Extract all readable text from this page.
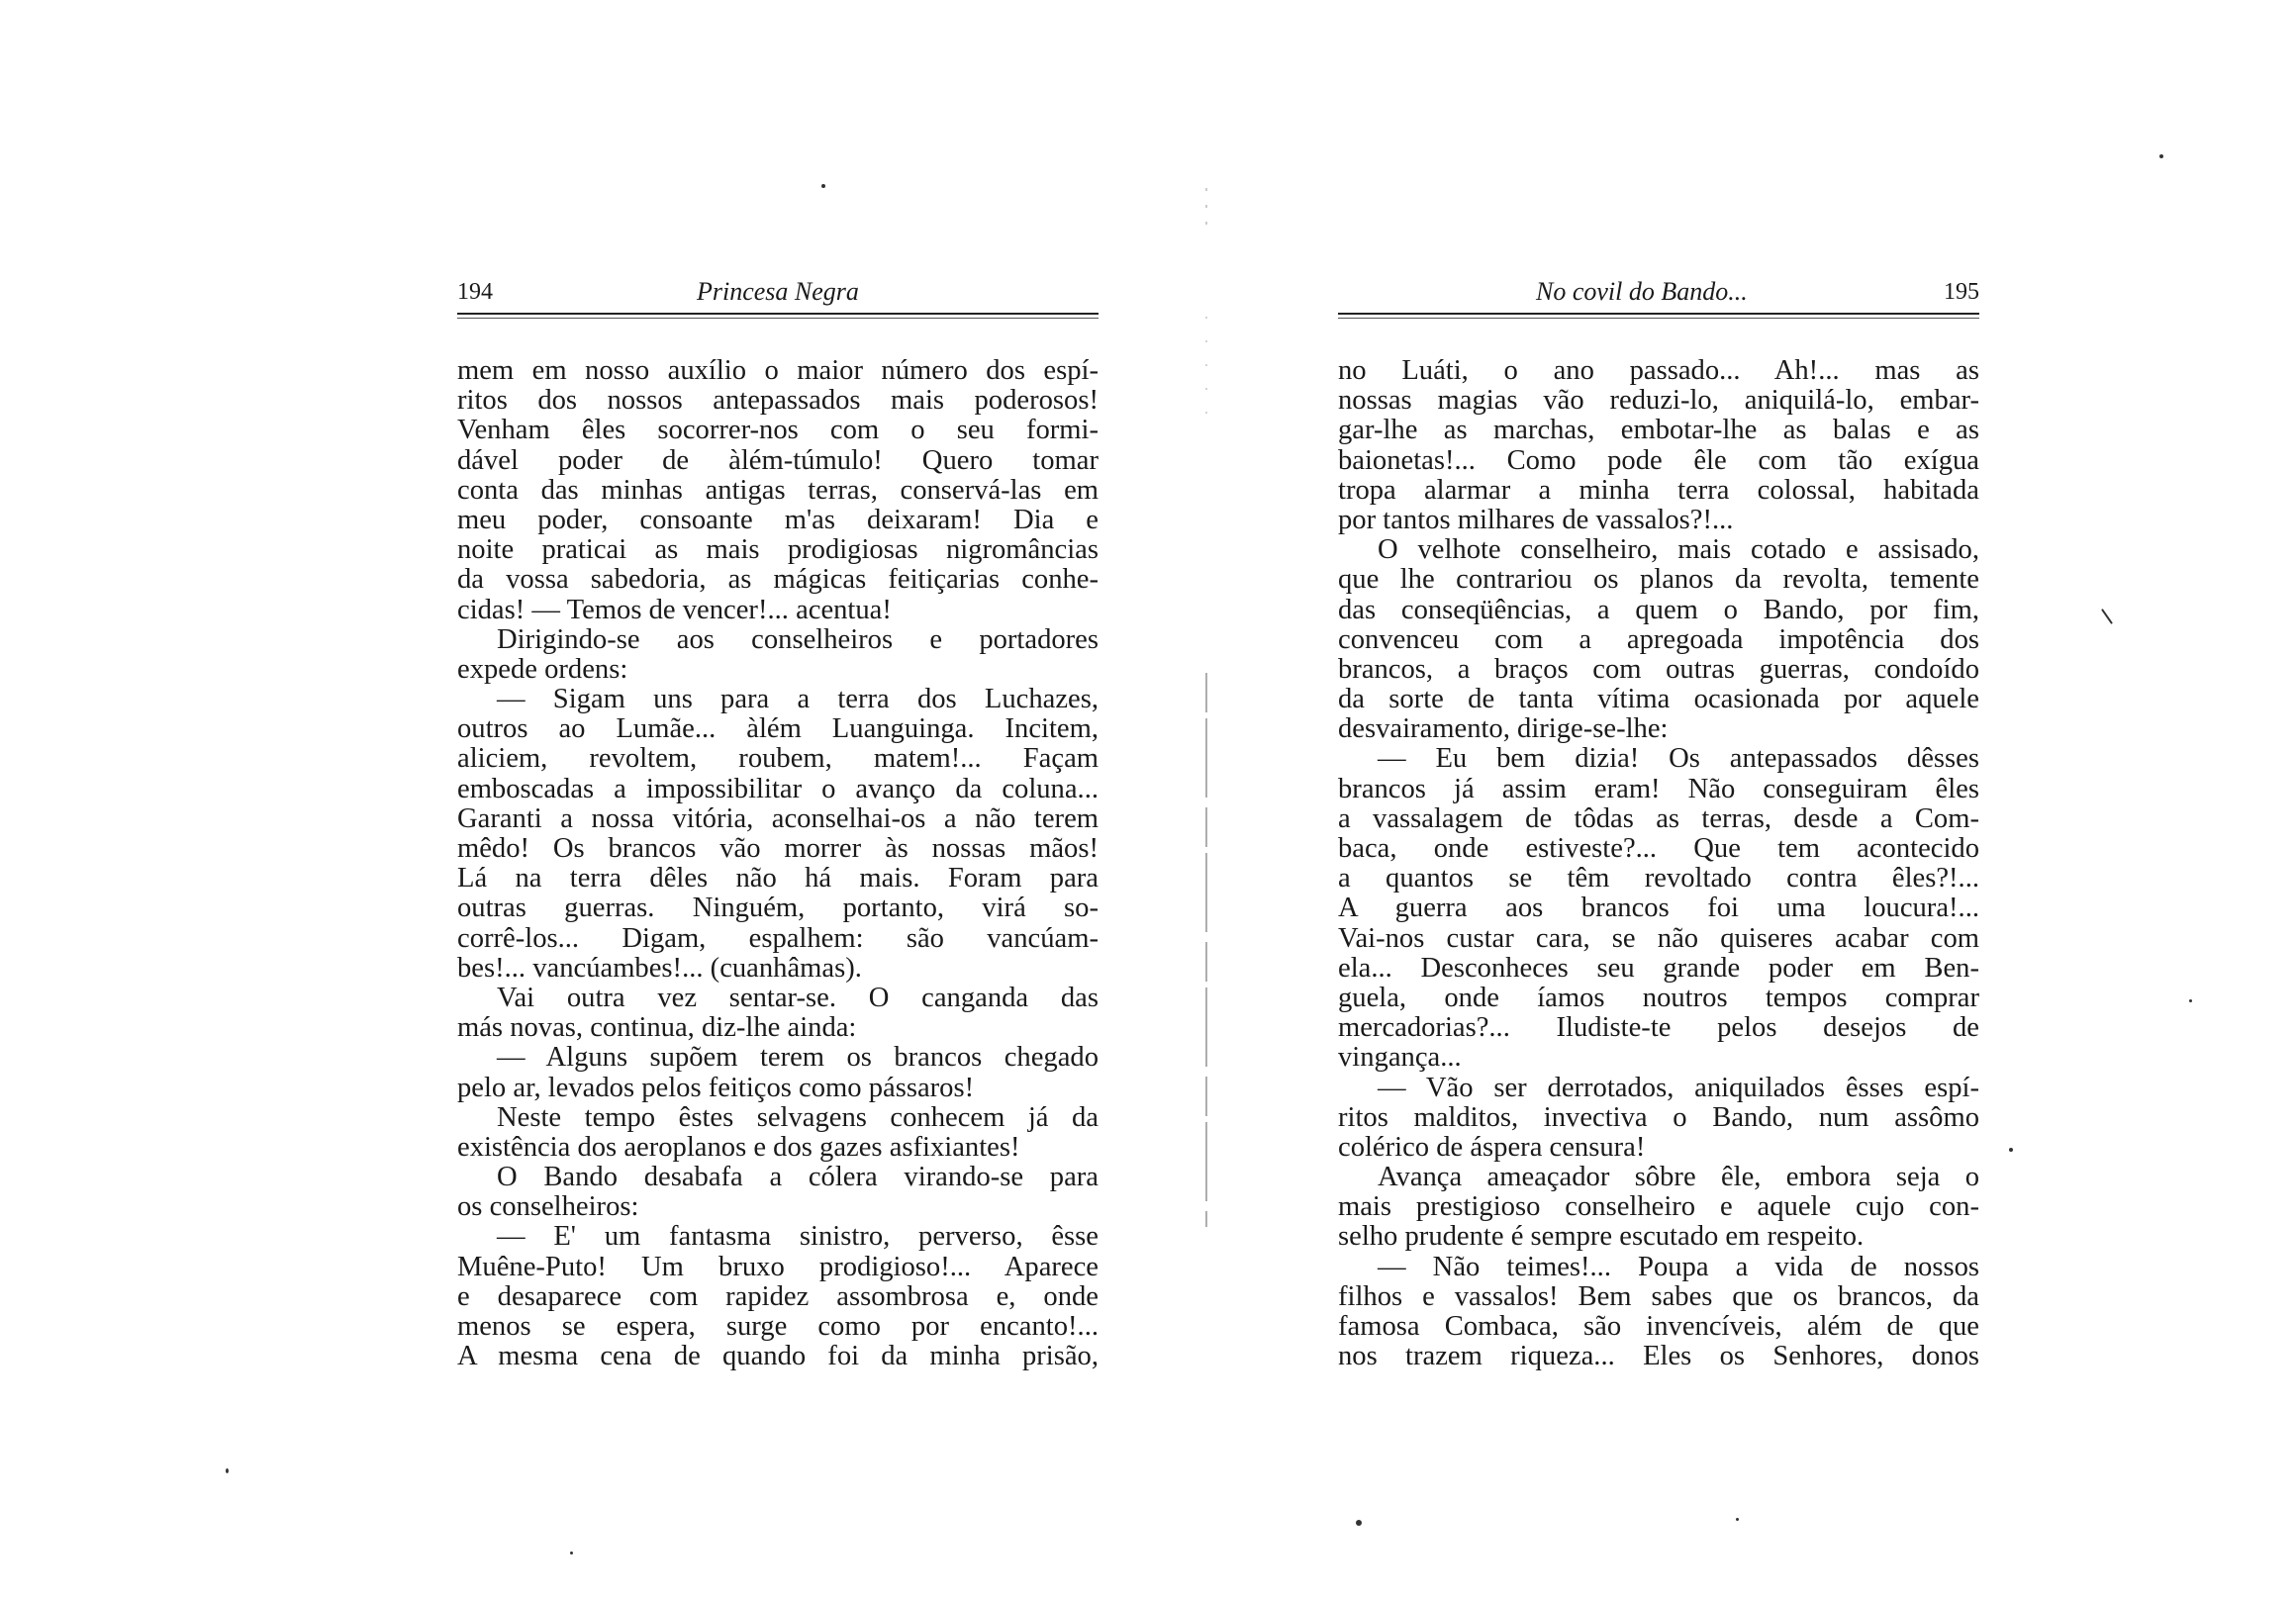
194	Princesa Negra
mem em nosso auxílio o maior número dos espí-
ritos dos nossos antepassados mais poderosos!
Venham êles socorrer-nos com o seu formi-
dável poder de àlém-túmulo! Quero tomar
conta das minhas antigas terras, conservá-las em
meu poder, consoante m'as deixaram! Dia e
noite praticai as mais prodigiosas nigromâncias
da vossa sabedoria, as mágicas feitiçarias conhe-
cidas! — Temos de vencer!... acentua!
Dirigindo-se aos conselheiros e portadores
expede ordens:
— Sigam uns para a terra dos Luchazes,
outros ao Lumãe... àlém Luanguinga. Incitem,
aliciem, revoltem, roubem, matem!... Façam
emboscadas a impossibilitar o avanço da coluna...
Garanti a nossa vitória, aconselhai-os a não terem
mêdo! Os brancos vão morrer às nossas mãos!
Lá na terra dêles não há mais. Foram para
outras guerras. Ninguém, portanto, virá so-
corrê-los... Digam, espalhem: são vancúam-
bes!... vancúambes!... (cuanhâmas).
Vai outra vez sentar-se. O canganda das
más novas, continua, diz-lhe ainda:
— Alguns supõem terem os brancos chegado
pelo ar, levados pelos feitiços como pássaros!
Neste tempo êstes selvagens conhecem já da
existência dos aeroplanos e dos gazes asfixiantes!
O Bando desabafa a cólera virando-se para
os conselheiros:
— E' um fantasma sinistro, perverso, êsse
Muêne-Puto! Um bruxo prodigioso!... Aparece
e desaparece com rapidez assombrosa e, onde
menos se espera, surge como por encanto!...
A mesma cena de quando foi da minha prisão,
No covil do Bando...	195
no Luáti, o ano passado... Ah!... mas as
nossas magias vão reduzi-lo, aniquilá-lo, embar-
gar-lhe as marchas, embotar-lhe as balas e as
baionetas!... Como pode êle com tão exígua
tropa alarmar a minha terra colossal, habitada
por tantos milhares de vassalos?!...
O velhote conselheiro, mais cotado e assisado,
que lhe contrariou os planos da revolta, temente
das conseqüências, a quem o Bando, por fim,
convenceu com a apregoada impotência dos
brancos, a braços com outras guerras, condoído
da sorte de tanta vítima ocasionada por aquele
desvairamento, dirige-se-lhe:
— Eu bem dizia! Os antepassados dêsses
brancos já assim eram! Não conseguiram êles
a vassalagem de tôdas as terras, desde a Com-
baca, onde estiveste?... Que tem acontecido
a quantos se têm revoltado contra êles?!...
A guerra aos brancos foi uma loucura!...
Vai-nos custar cara, se não quiseres acabar com
ela... Desconheces seu grande poder em Ben-
guela, onde íamos noutros tempos comprar
mercadorias?... Iludiste-te pelos desejos de
vingança...
— Vão ser derrotados, aniquilados êsses espí-
ritos malditos, invectiva o Bando, num assômo
colérico de áspera censura!
Avança ameaçador sôbre êle, embora seja o
mais prestigioso conselheiro e aquele cujo con-
selho prudente é sempre escutado em respeito.
— Não teimes!... Poupa a vida de nossos
filhos e vassalos! Bem sabes que os brancos, da
famosa Combaca, são invencíveis, além de que
nos trazem riqueza... Eles os Senhores, donos
